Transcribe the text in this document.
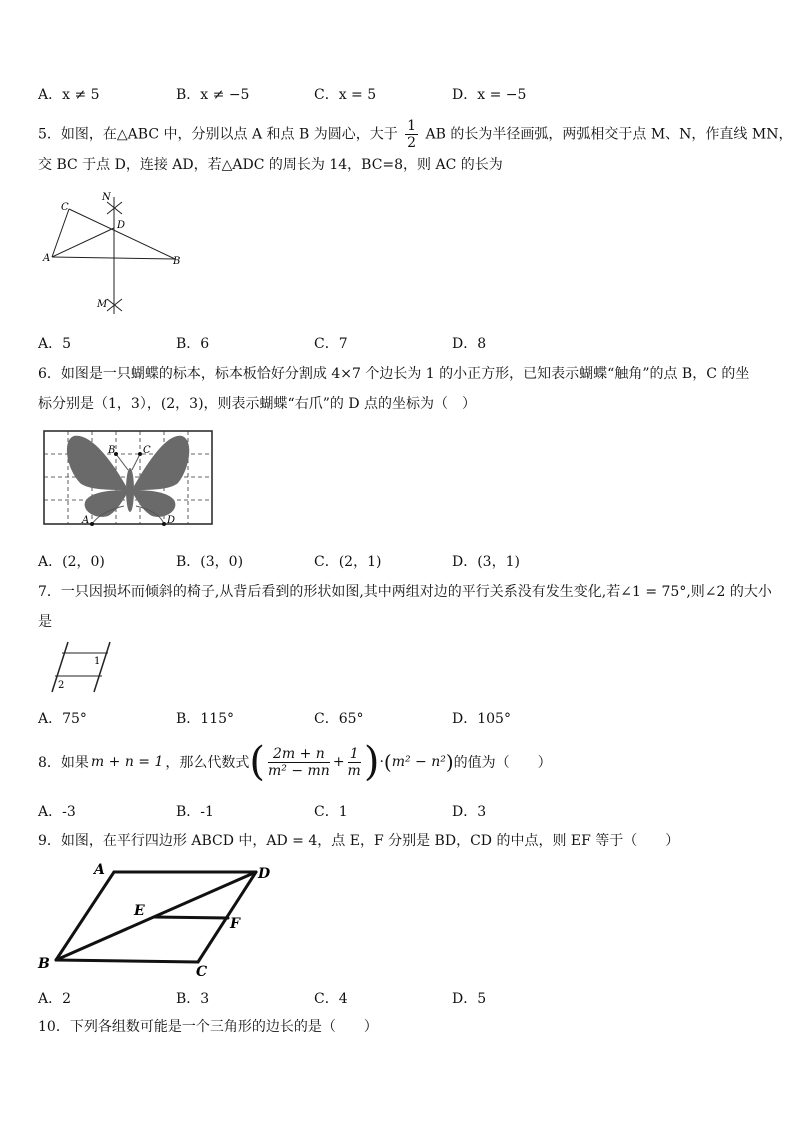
A．x ≠ 5	B．x ≠ −5	C．x = 5	D．x = −5
5．如图，在△ABC 中，分别以点 A 和点 B 为圆心，大于 $\frac{1}{2}$ AB 的长为半径画弧，两弧相交于点 M、N，作直线 MN，
交 BC 于点 D，连接 AD，若△ADC 的周长为 14，BC=8，则 AC 的长为
C
N
D
A	B
M
A．5	B．6	C．7	D．8
6．如图是一只蝴蝶的标本，标本板恰好分割成 4×7 个边长为 1 的小正方形，已知表示蝴蝶“触角”的点 B，C 的坐
标分别是（1，3），(2，3)，则表示蝴蝶“右爪”的 D 点的坐标为（　）
B	C
A	D
A．(2，0)	B．(3，0)	C．(2，1)	D．(3，1)
7．一只因损坏而倾斜的椅子,从背后看到的形状如图,其中两组对边的平行关系没有发生变化,若∠1 = 75°,则∠2 的大小
是
1
2
A．75°	B．115°	C．65°	D．105°
8．如果 m + n = 1 ，那么代数式 ( $\frac{2m + n}{\text{m² − mn}} + \frac{1}{m}$ ) · ( m² − n² ) 的值为（　　）
A．-3	B．-1	C．1	D．3
9．如图，在平行四边形 ABCD 中，AD = 4，点 E，F 分别是 BD，CD 的中点，则 EF 等于（　　）
A	D
E
F
B	C
A．2	B．3	C．4	D．5
10．下列各组数可能是一个三角形的边长的是（　　）
